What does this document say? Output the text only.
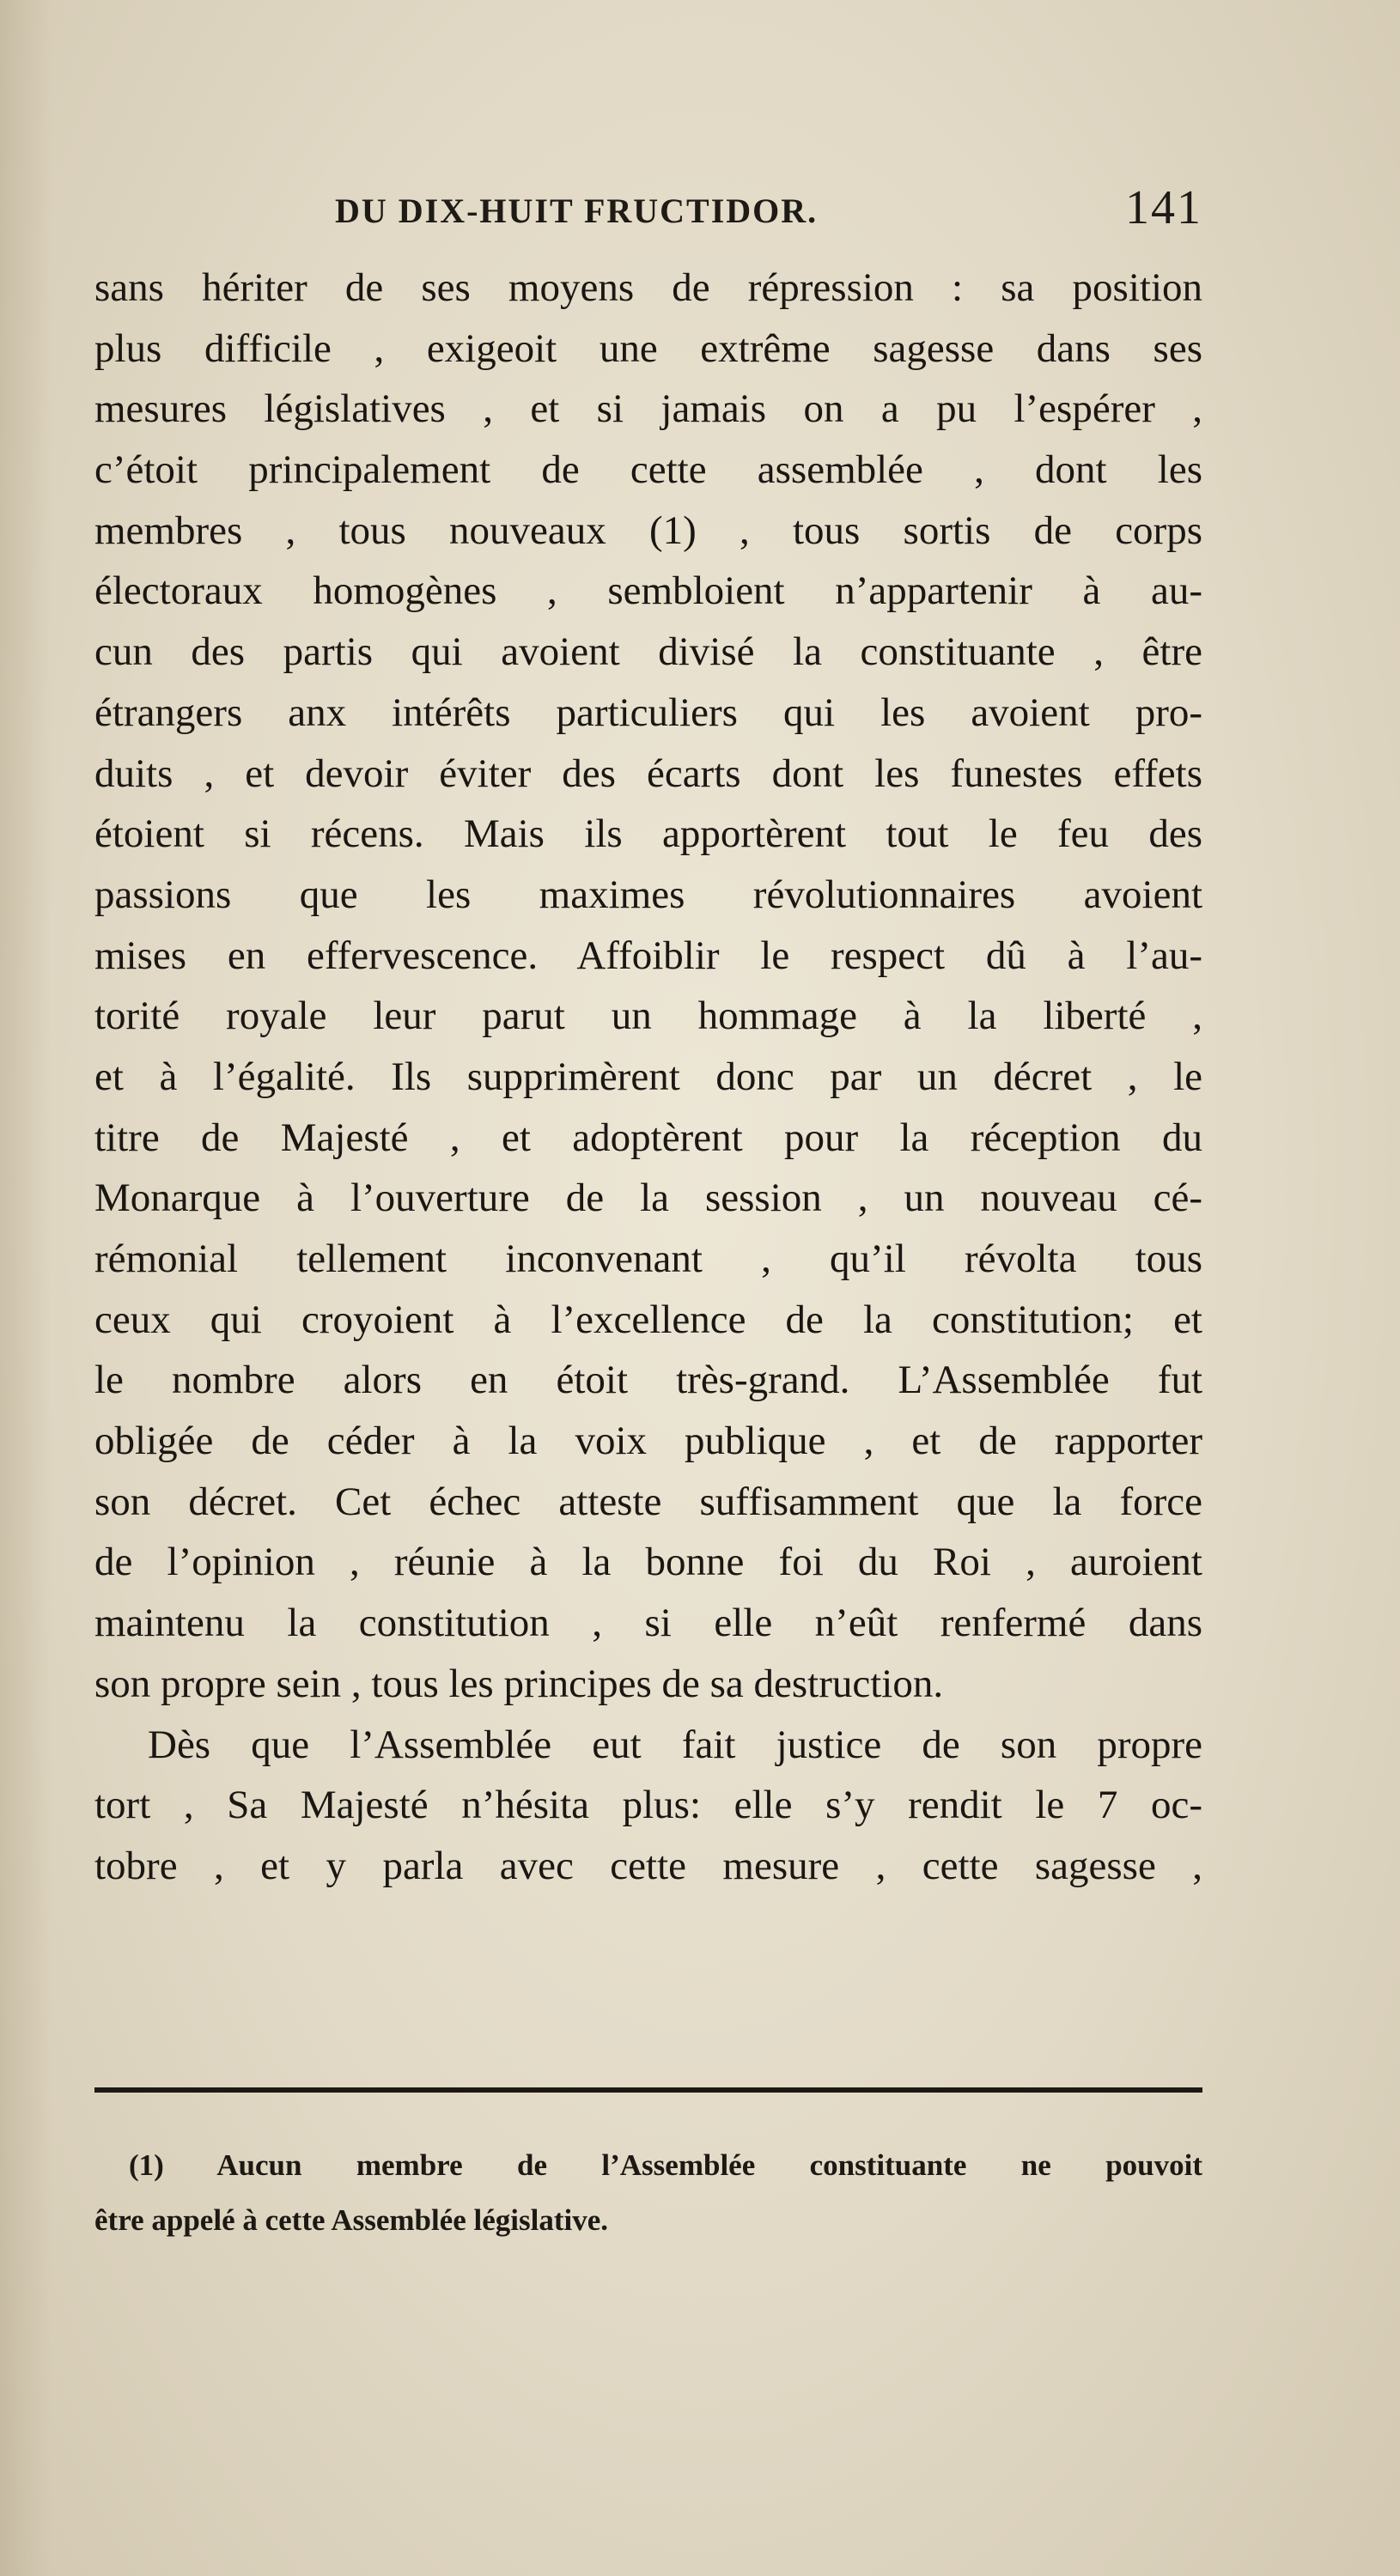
DU DIX-HUIT FRUCTIDOR.	141
sans hériter de ses moyens de répression : sa position
plus difficile , exigeoit une extrême sagesse dans ses
mesures législatives , et si jamais on a pu l’espérer ,
c’étoit principalement de cette assemblée , dont les
membres , tous nouveaux (1) , tous sortis de corps
électoraux homogènes , sembloient n’appartenir à au-
cun des partis qui avoient divisé la constituante , être
étrangers anx intérêts particuliers qui les avoient pro-
duits , et devoir éviter des écarts dont les funestes effets
étoient si récens. Mais ils apportèrent tout le feu des
passions que les maximes révolutionnaires avoient
mises en effervescence. Affoiblir le respect dû à l’au-
torité royale leur parut un hommage à la liberté ,
et à l’égalité. Ils supprimèrent donc par un décret , le
titre de Majesté , et adoptèrent pour la réception du
Monarque à l’ouverture de la session , un nouveau cé-
rémonial tellement inconvenant , qu’il révolta tous
ceux qui croyoient à l’excellence de la constitution; et
le nombre alors en étoit très-grand. L’Assemblée fut
obligée de céder à la voix publique , et de rapporter
son décret. Cet échec atteste suffisamment que la force
de l’opinion , réunie à la bonne foi du Roi , auroient
maintenu la constitution , si elle n’eût renfermé dans
son propre sein , tous les principes de sa destruction.
Dès que l’Assemblée eut fait justice de son propre
tort , Sa Majesté n’hésita plus: elle s’y rendit le 7 oc-
tobre , et y parla avec cette mesure , cette sagesse ,
(1) Aucun membre de l’Assemblée constituante ne pouvoit
être appelé à cette Assemblée législative.
